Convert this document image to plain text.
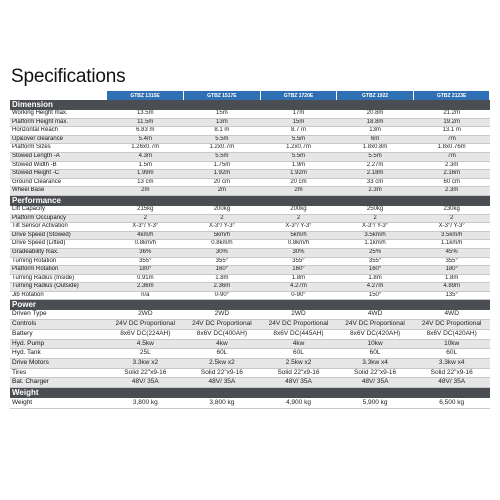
Specifications
	GTBZ 1315E	GTBZ 1517E	GTBZ 1720E	GTBZ 1922	GTBZ 2123E
Dimension					
Working Height max.	13.5m	15m	17m	20.8m	21.2m
Platform Height max.	11.5m	13m	15m	18.8m	19.2m
Horizontal Reach	6.83 m	8.1 m	8.7 m	13m	13.1 m
Up&over clearance	5.4m	5.5m	5.5m	6m	7m
Platform Sizes	1.26x0.7m	1.2x0.7m	1.2x0.7m	1.8x0.8m	1.8x0.76m
Stowed Length -A	4.3m	5.5m	5.5m	5.5m	7m
Stowed Width -B	1.5m	1.75m	1.9m	2.27m	2.3m
Stowed Height -C	1.99m	1.92m	1.92m	2.18m	2.16m
Ground Clearance	13 cm	20 cm	20 cm	33 cm	60 cm
Wheel Base	2m	2m	2m	2.3m	2.3m
Performance					
Lift Capacity	215kg	200kg	200kg	250kg	230kg
Platform Occupancy	2	2	2	2	2
Tilt Sensor Activation	X-3°/ Y-3°	X-3°/ Y-3°	X-3°/ Y-3°	X-3°/ Y-3°	X-3°/ Y-3°
Drive Speed (Stowed)	4km/h	5km/h	5km/h	3.5km/h	3.5km/h
Drive Speed (Lifted)	0.8km/h	0.8km/h	0.8km/h	1.1km/h	1.1km/h
Gradeability max.	36%	30%	30%	25%	45%
Turning Rotation	355°	355°	355°	355°	355°
Platform Rotation	180°	160°	160°	160°	180°
Turning Radius (Inside)	0.91m	1.8m	1.8m	1.8m	1.8m
Turning Radius (Outside)	2.36m	2.36m	4.27m	4.27m	4.89m
Jib Rotation	n/a	0-90°	0-90°	150°	135°
Power					
Driven Type	2WD	2WD	2WD	4WD	4WD
Controls	24V DC Proportional	24V DC Proportional	24V DC Proportional	24V DC Proportional	24V DC Proportional
Battery	8x6V DC(224AH)	8x6V DC(400AH)	8x6V DC(445AH)	8x6V DC(420AH)	8x6V DC(420AH)
Hyd. Pump	4.5kw	4kw	4kw	10kw	10kw
Hyd. Tank	25L	60L	60L	60L	60L
Drive Motors	3.3kw x2	2.5kw x2	2.5kw x2	3.3kw x4	3.3kw x4
Tires	Solid 22"x9-16	Solid 22"x9-16	Solid 22"x9-16	Solid 22"x9-16	Solid 22"x9-16
Bat. Charger	48V/ 35A	48V/ 35A	48V/ 35A	48V/ 35A	48V/ 35A
Weight					
Weight	3,800 kg	3,800 kg	4,900 kg	5,900 kg	6,500 kg
